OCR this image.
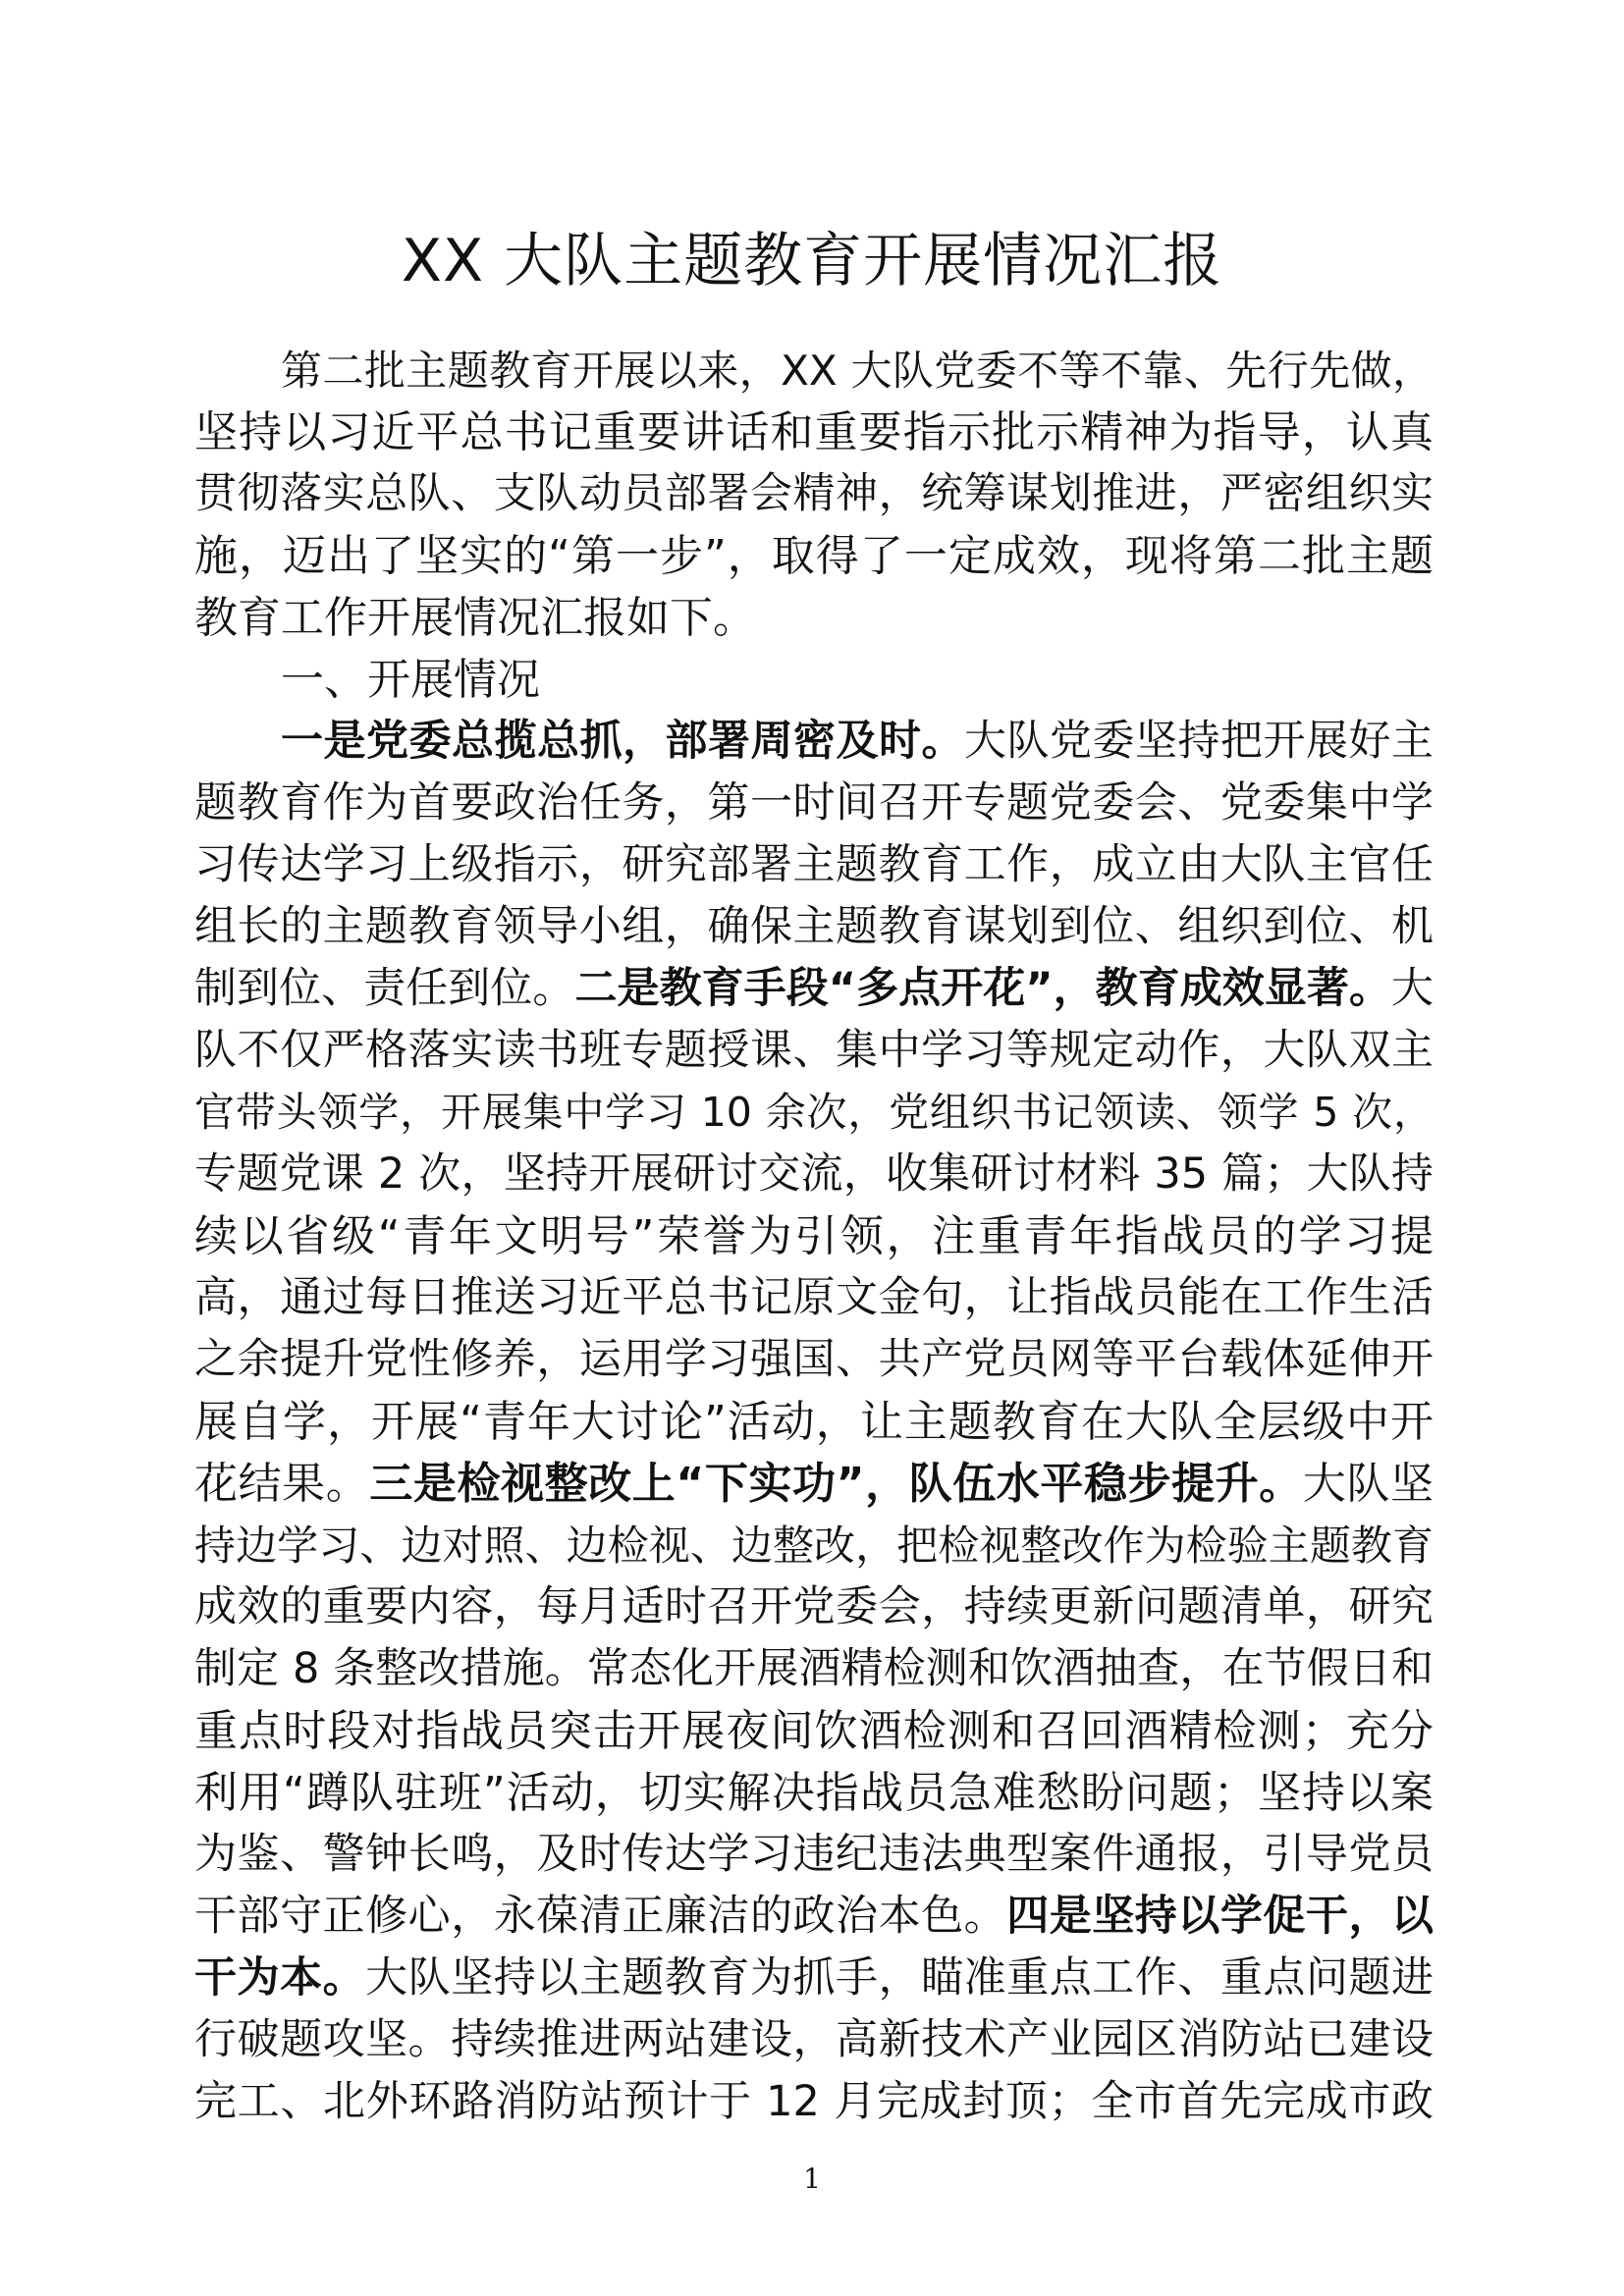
XX 大队主题教育开展情况汇报
第二批主题教育开展以来，XX 大队党委不等不靠、先行先做，
坚持以习近平总书记重要讲话和重要指示批示精神为指导，认真
贯彻落实总队、支队动员部署会精神，统筹谋划推进，严密组织实
施，迈出了坚实的“第一步”，取得了一定成效，现将第二批主题
教育工作开展情况汇报如下。
一、开展情况
一是党委总揽总抓，部署周密及时。大队党委坚持把开展好主
题教育作为首要政治任务，第一时间召开专题党委会、党委集中学
习传达学习上级指示，研究部署主题教育工作，成立由大队主官任
组长的主题教育领导小组，确保主题教育谋划到位、组织到位、机
制到位、责任到位。二是教育手段“多点开花”，教育成效显著。大
队不仅严格落实读书班专题授课、集中学习等规定动作，大队双主
官带头领学，开展集中学习 10 余次，党组织书记领读、领学 5 次，
专题党课 2 次，坚持开展研讨交流，收集研讨材料 35 篇；大队持
续以省级“青年文明号”荣誉为引领，注重青年指战员的学习提
高，通过每日推送习近平总书记原文金句，让指战员能在工作生活
之余提升党性修养，运用学习强国、共产党员网等平台载体延伸开
展自学，开展“青年大讨论”活动，让主题教育在大队全层级中开
花结果。三是检视整改上“下实功”，队伍水平稳步提升。大队坚
持边学习、边对照、边检视、边整改，把检视整改作为检验主题教育
成效的重要内容，每月适时召开党委会，持续更新问题清单，研究
制定 8 条整改措施。常态化开展酒精检测和饮酒抽查，在节假日和
重点时段对指战员突击开展夜间饮酒检测和召回酒精检测；充分
利用“蹲队驻班”活动，切实解决指战员急难愁盼问题；坚持以案
为鉴、警钟长鸣，及时传达学习违纪违法典型案件通报，引导党员
干部守正修心，永葆清正廉洁的政治本色。四是坚持以学促干，以
干为本。大队坚持以主题教育为抓手，瞄准重点工作、重点问题进
行破题攻坚。持续推进两站建设，高新技术产业园区消防站已建设
完工、北外环路消防站预计于 12 月完成封顶；全市首先完成市政
1
